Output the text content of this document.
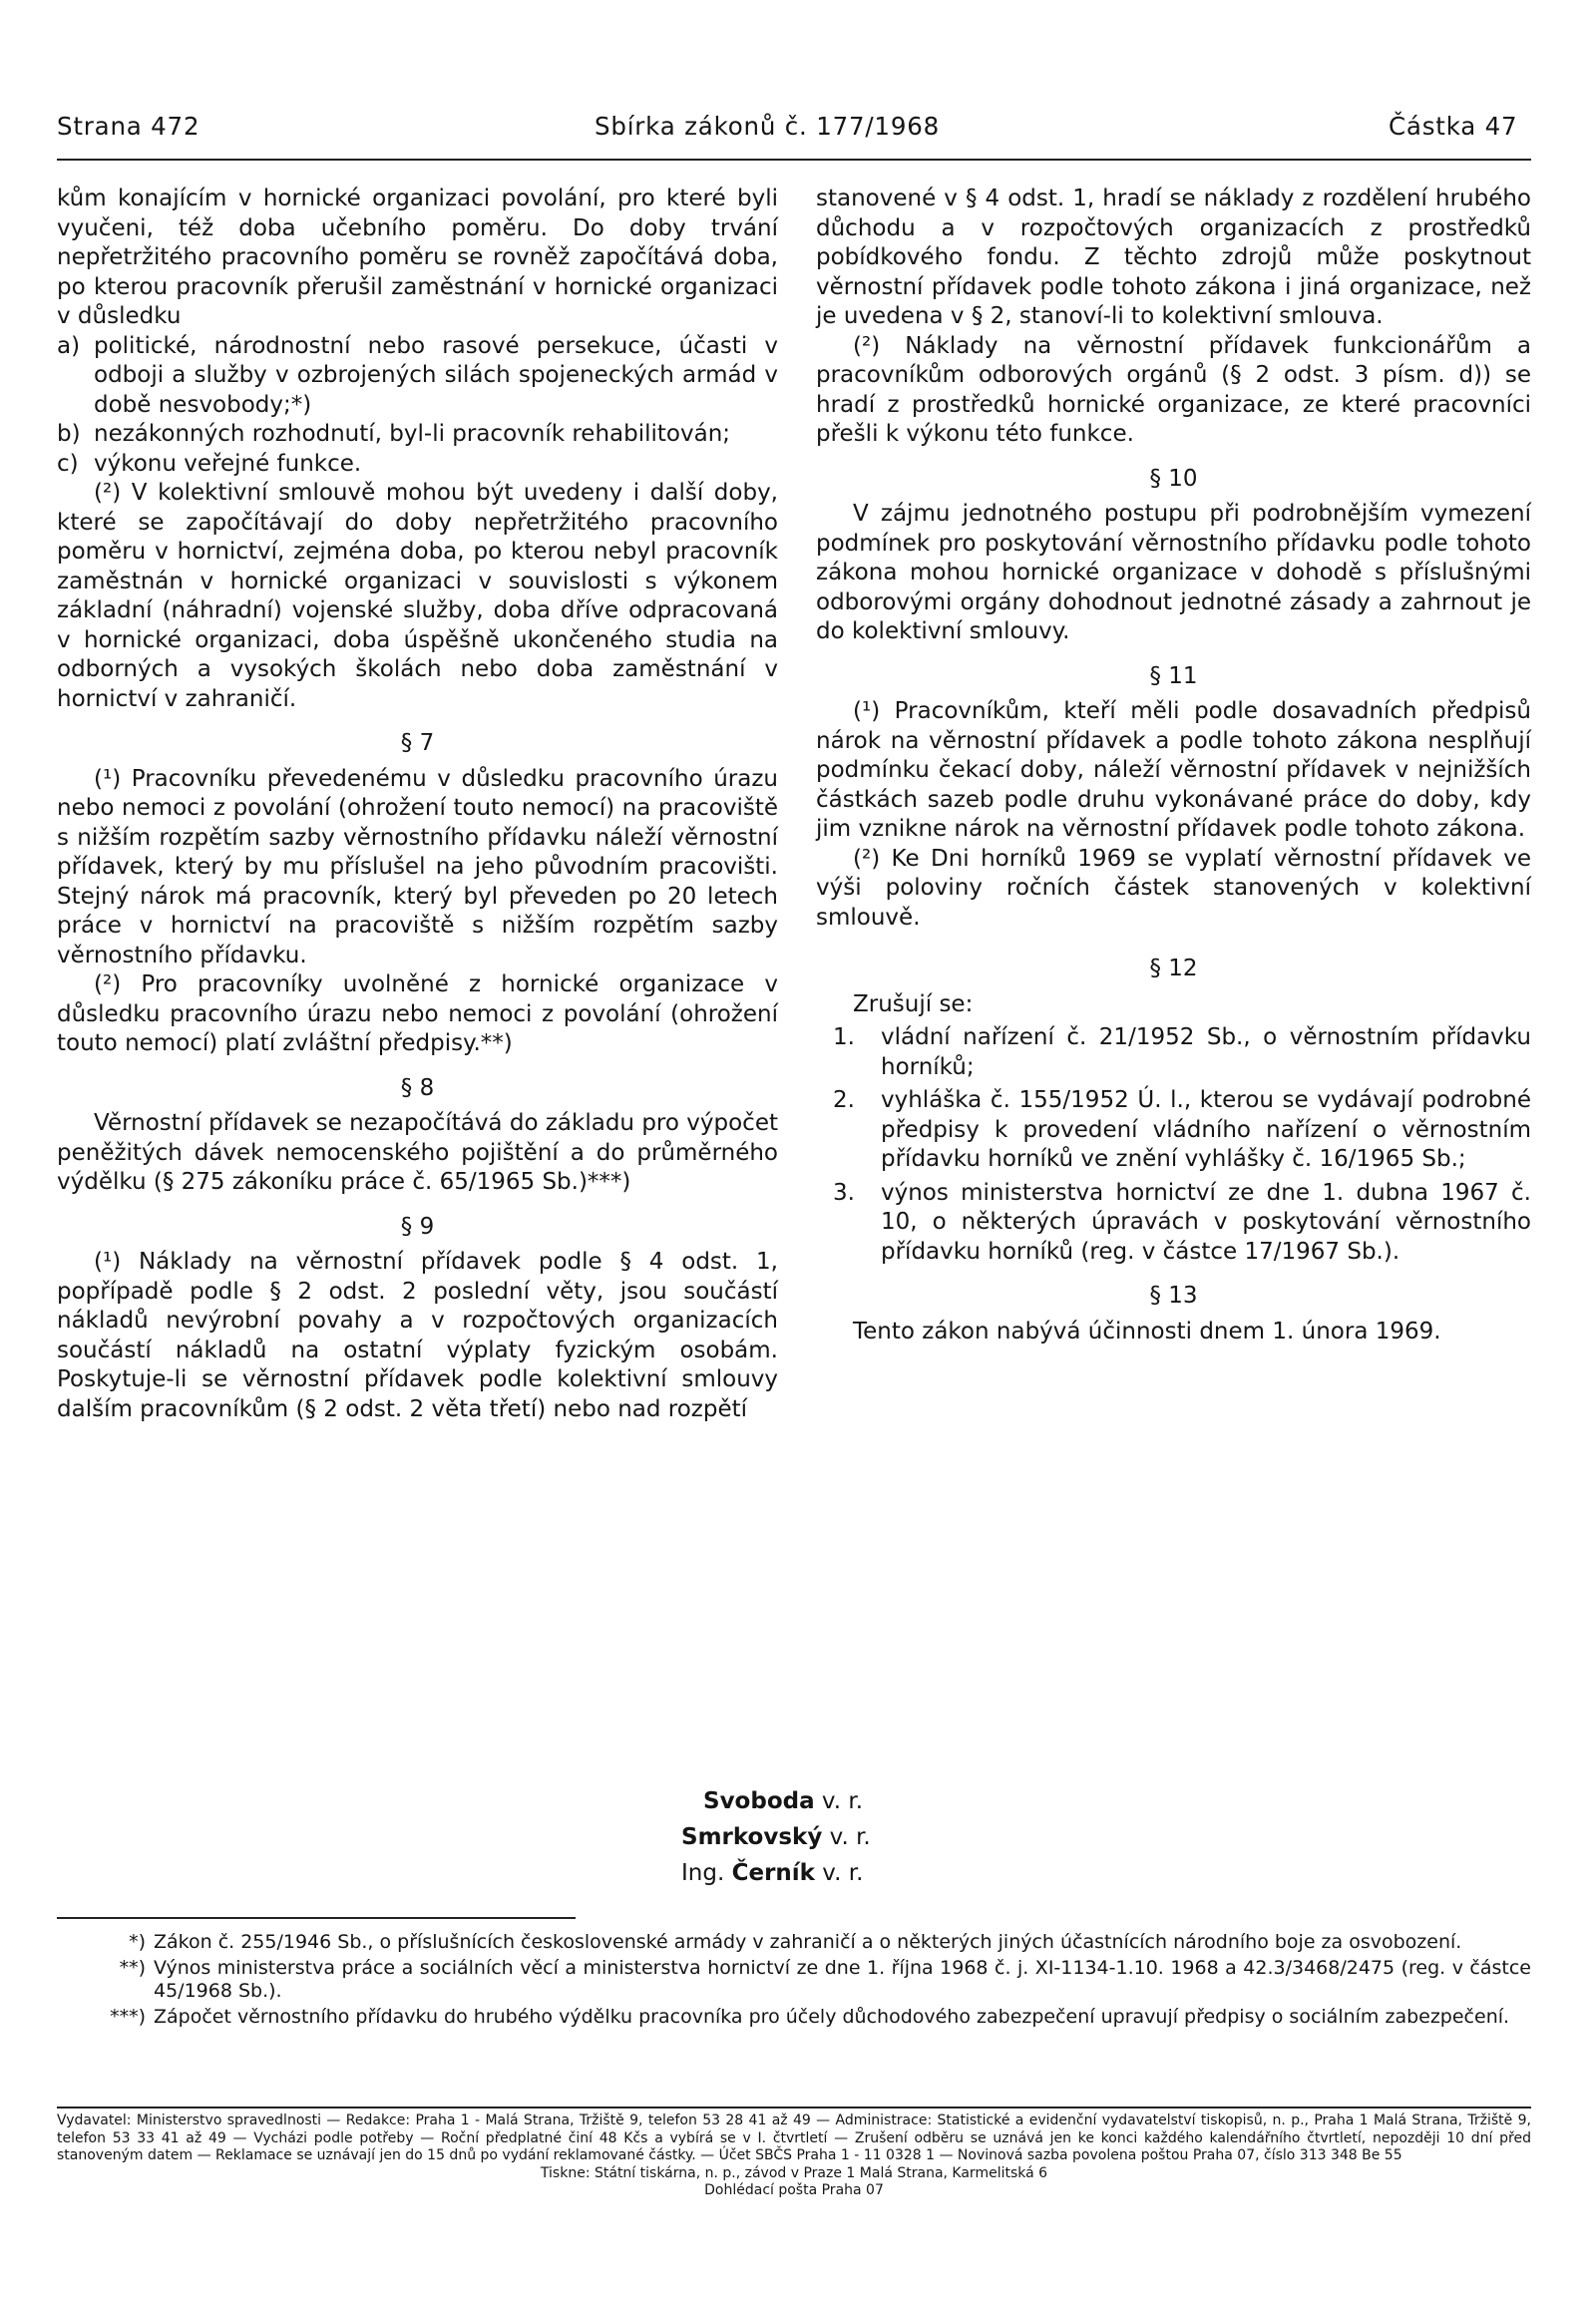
Strana 472	Sbírka zákonů č. 177/1968	Částka 47

kům konajícím v hornické organizaci povolání, pro které byli vyučeni, též doba učebního poměru. Do doby trvání nepřetržitého pracovního poměru se rovněž započítává doba, po kterou pracovník přerušil zaměstnání v hornické organizaci v důsledku

a) politické, národnostní nebo rasové persekuce, účasti v odboji a služby v ozbrojených silách spojeneckých armád v době nesvobody;*)
b) nezákonných rozhodnutí, byl-li pracovník rehabilitován;
c) výkonu veřejné funkce.

(²) V kolektivní smlouvě mohou být uvedeny i další doby, které se započítávají do doby nepřetržitého pracovního poměru v hornictví, zejména doba, po kterou nebyl pracovník zaměstnán v hornické organizaci v souvislosti s výkonem základní (náhradní) vojenské služby, doba dříve odpracovaná v hornické organizaci, doba úspěšně ukončeného studia na odborných a vysokých školách nebo doba zaměstnání v hornictví v zahraničí.

§ 7

(¹) Pracovníku převedenému v důsledku pracovního úrazu nebo nemoci z povolání (ohrožení touto nemocí) na pracoviště s nižším rozpětím sazby věrnostního přídavku náleží věrnostní přídavek, který by mu příslušel na jeho původním pracovišti. Stejný nárok má pracovník, který byl převeden po 20 letech práce v hornictví na pracoviště s nižším rozpětím sazby věrnostního přídavku.

(²) Pro pracovníky uvolněné z hornické organizace v důsledku pracovního úrazu nebo nemoci z povolání (ohrožení touto nemocí) platí zvláštní předpisy.**)

§ 8

Věrnostní přídavek se nezapočítává do základu pro výpočet peněžitých dávek nemocenského pojištění a do průměrného výdělku (§ 275 zákoníku práce č. 65/1965 Sb.)***)

§ 9

(¹) Náklady na věrnostní přídavek podle § 4 odst. 1, popřípadě podle § 2 odst. 2 poslední věty, jsou součástí nákladů nevýrobní povahy a v rozpočtových organizacích součástí nákladů na ostatní výplaty fyzickým osobám. Poskytuje-li se věrnostní přídavek podle kolektivní smlouvy dalším pracovníkům (§ 2 odst. 2 věta třetí) nebo nad rozpětí

stanovené v § 4 odst. 1, hradí se náklady z rozdělení hrubého důchodu a v rozpočtových organizacích z prostředků pobídkového fondu. Z těchto zdrojů může poskytnout věrnostní přídavek podle tohoto zákona i jiná organizace, než je uvedena v § 2, stanoví-li to kolektivní smlouva.

(²) Náklady na věrnostní přídavek funkcionářům a pracovníkům odborových orgánů (§ 2 odst. 3 písm. d)) se hradí z prostředků hornické organizace, ze které pracovníci přešli k výkonu této funkce.

§ 10

V zájmu jednotného postupu při podrobnějším vymezení podmínek pro poskytování věrnostního přídavku podle tohoto zákona mohou hornické organizace v dohodě s příslušnými odborovými orgány dohodnout jednotné zásady a zahrnout je do kolektivní smlouvy.

§ 11

(¹) Pracovníkům, kteří měli podle dosavadních předpisů nárok na věrnostní přídavek a podle tohoto zákona nesplňují podmínku čekací doby, náleží věrnostní přídavek v nejnižších částkách sazeb podle druhu vykonávané práce do doby, kdy jim vznikne nárok na věrnostní přídavek podle tohoto zákona.

(²) Ke Dni horníků 1969 se vyplatí věrnostní přídavek ve výši poloviny ročních částek stanovených v kolektivní smlouvě.

§ 12

Zrušují se:

1.	vládní nařízení č. 21/1952 Sb., o věrnostním přídavku horníků;
2.	vyhláška č. 155/1952 Ú. l., kterou se vydávají podrobné předpisy k provedení vládního nařízení o věrnostním přídavku horníků ve znění vyhlášky č. 16/1965 Sb.;
3.	výnos ministerstva hornictví ze dne 1. dubna 1967 č. 10, o některých úpravách v poskytování věrnostního přídavku horníků (reg. v částce 17/1967 Sb.).
§ 13

Tento zákon nabývá účinnosti dnem 1. února 1969.

Svoboda v. r.
Smrkovský v. r.
Ing. Černík v. r.
*) Zákon č. 255/1946 Sb., o příslušnících československé armády v zahraničí a o některých jiných účastnících národního boje za osvobození.
**) Výnos ministerstva práce a sociálních věcí a ministerstva hornictví ze dne 1. října 1968 č. j. XI-1134-1.10. 1968 a 42.3/3468/2475 (reg. v částce 45/1968 Sb.).
***) Zápočet věrnostního přídavku do hrubého výdělku pracovníka pro účely důchodového zabezpečení upravují předpisy o sociálním zabezpečení.

Vydavatel: Ministerstvo spravedlnosti — Redakce: Praha 1 - Malá Strana, Tržiště 9, telefon 53 28 41 až 49 — Administrace: Statistické a evidenční vydavatelství tiskopisů, n. p., Praha 1 Malá Strana, Tržiště 9, telefon 53 33 41 až 49 — Vycházi podle potřeby — Roční předplatné činí 48 Kčs a vybírá se v I. čtvrtletí — Zrušení odběru se uznává jen ke konci každého kalendářního čtvrtletí, nepozději 10 dní před stanoveným datem — Reklamace se uznávají jen do 15 dnů po vydání reklamované částky. — Účet SBČS Praha 1 - 11 0328 1 — Novinová sazba povolena poštou Praha 07, číslo 313 348 Be 55

Tiskne: Státní tiskárna, n. p., závod v Praze 1 Malá Strana, Karmelitská 6

Dohlédací pošta Praha 07
